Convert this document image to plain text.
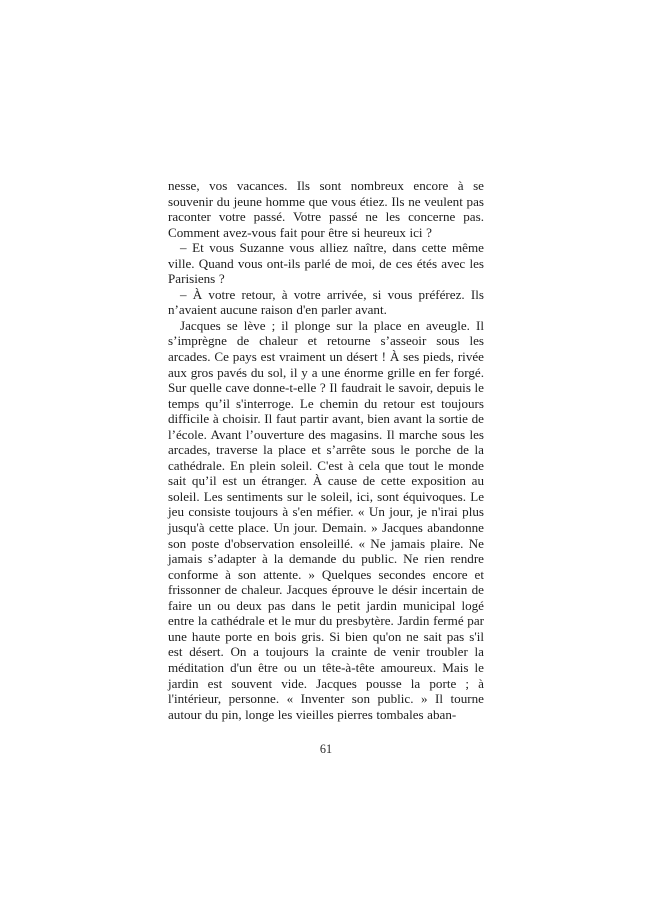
nesse, vos vacances. Ils sont nombreux encore à se souvenir du jeune homme que vous étiez. Ils ne veulent pas raconter votre passé. Votre passé ne les concerne pas. Comment avez-vous fait pour être si heureux ici ?

– Et vous Suzanne vous alliez naître, dans cette même ville. Quand vous ont-ils parlé de moi, de ces étés avec les Parisiens ?

– À votre retour, à votre arrivée, si vous préférez. Ils n’avaient aucune raison d'en parler avant.

Jacques se lève ; il plonge sur la place en aveugle. Il s’imprègne de chaleur et retourne s’asseoir sous les arcades. Ce pays est vraiment un désert ! À ses pieds, rivée aux gros pavés du sol, il y a une énorme grille en fer forgé. Sur quelle cave donne-t-elle ? Il faudrait le savoir, depuis le temps qu’il s'interroge. Le chemin du retour est toujours difficile à choisir. Il faut partir avant, bien avant la sortie de l’école. Avant l’ouverture des magasins. Il marche sous les arcades, traverse la place et s’arrête sous le porche de la cathédrale. En plein soleil. C'est à cela que tout le monde sait qu’il est un étranger. À cause de cette exposition au soleil. Les sentiments sur le soleil, ici, sont équivoques. Le jeu consiste toujours à s'en méfier. « Un jour, je n'irai plus jusqu'à cette place. Un jour. Demain. » Jacques abandonne son poste d'observation ensoleillé. « Ne jamais plaire. Ne jamais s’adapter à la demande du public. Ne rien rendre conforme à son attente. » Quelques secondes encore et frissonner de chaleur. Jacques éprouve le désir incertain de faire un ou deux pas dans le petit jardin municipal logé entre la cathédrale et le mur du presbytère. Jardin fermé par une haute porte en bois gris. Si bien qu'on ne sait pas s'il est désert. On a toujours la crainte de venir troubler la méditation d'un être ou un tête-à-tête amoureux. Mais le jardin est souvent vide. Jacques pousse la porte ; à l'intérieur, personne. « Inventer son public. » Il tourne autour du pin, longe les vieilles pierres tombales aban-

61
